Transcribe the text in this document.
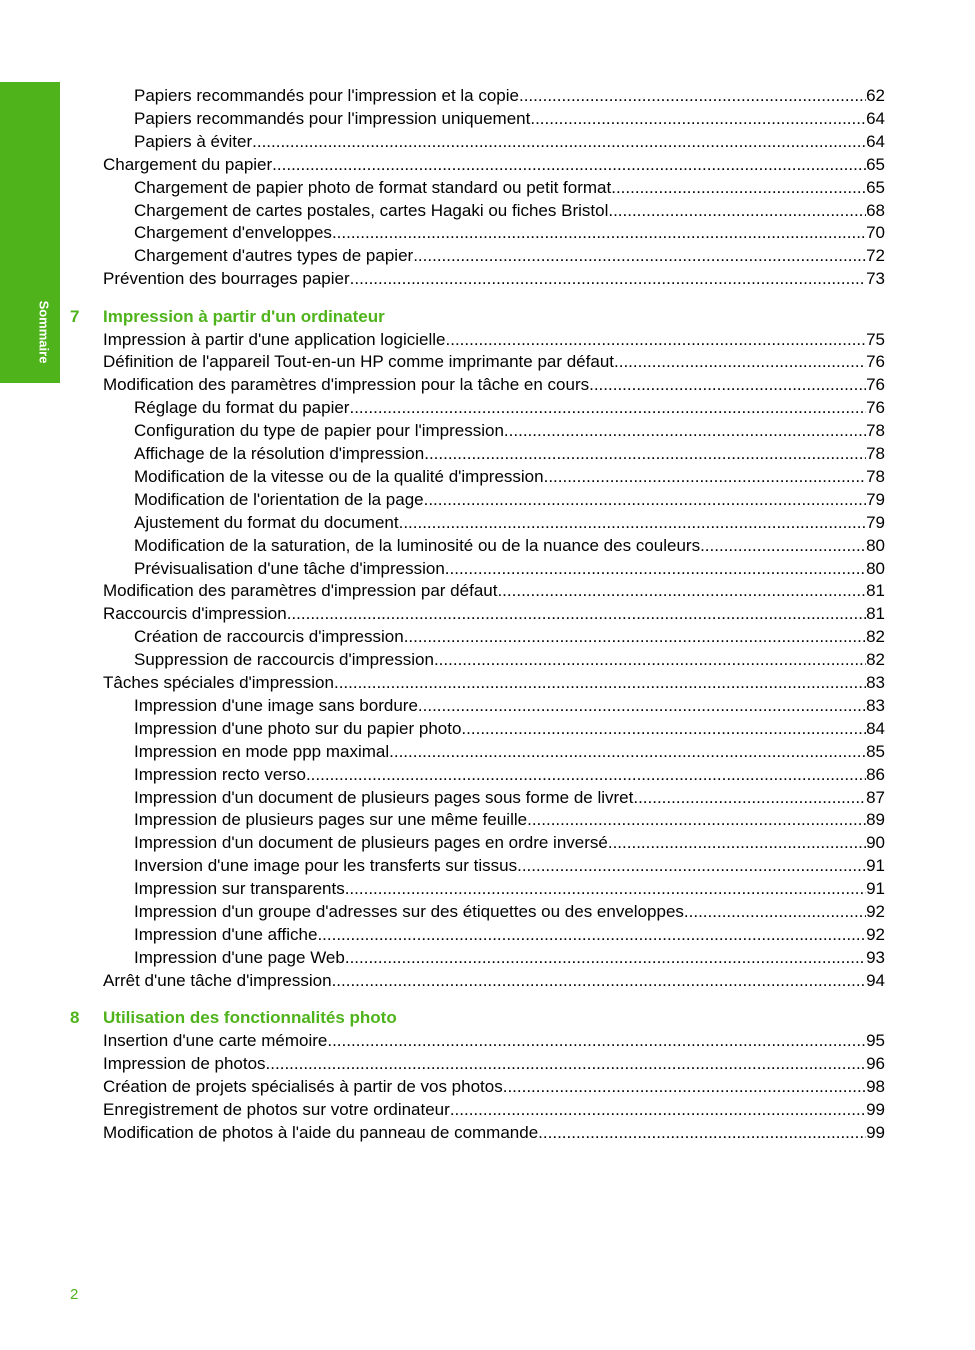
Sommaire
Papiers recommandés pour l'impression et la copie .....	62
Papiers recommandés pour l'impression uniquement .....	64
Papiers à éviter .....	64
Chargement du papier .....	65
Chargement de papier photo de format standard ou petit format .....	65
Chargement de cartes postales, cartes Hagaki ou fiches Bristol .....	68
Chargement d'enveloppes .....	70
Chargement d'autres types de papier .....	72
Prévention des bourrages papier .....	73
7 Impression à partir d'un ordinateur
Impression à partir d'une application logicielle .....	75
Définition de l'appareil Tout-en-un HP comme imprimante par défaut .....	76
Modification des paramètres d'impression pour la tâche en cours .....	76
Réglage du format du papier .....	76
Configuration du type de papier pour l'impression .....	78
Affichage de la résolution d'impression .....	78
Modification de la vitesse ou de la qualité d'impression .....	78
Modification de l'orientation de la page .....	79
Ajustement du format du document .....	79
Modification de la saturation, de la luminosité ou de la nuance des couleurs .....	80
Prévisualisation d'une tâche d'impression .....	80
Modification des paramètres d'impression par défaut .....	81
Raccourcis d'impression .....	81
Création de raccourcis d'impression .....	82
Suppression de raccourcis d'impression .....	82
Tâches spéciales d'impression .....	83
Impression d'une image sans bordure .....	83
Impression d'une photo sur du papier photo .....	84
Impression en mode ppp maximal .....	85
Impression recto verso .....	86
Impression d'un document de plusieurs pages sous forme de livret .....	87
Impression de plusieurs pages sur une même feuille .....	89
Impression d'un document de plusieurs pages en ordre inversé .....	90
Inversion d'une image pour les transferts sur tissus .....	91
Impression sur transparents .....	91
Impression d'un groupe d'adresses sur des étiquettes ou des enveloppes .....	92
Impression d'une affiche .....	92
Impression d'une page Web .....	93
Arrêt d'une tâche d'impression .....	94
8 Utilisation des fonctionnalités photo
Insertion d'une carte mémoire .....	95
Impression de photos .....	96
Création de projets spécialisés à partir de vos photos .....	98
Enregistrement de photos sur votre ordinateur .....	99
Modification de photos à l'aide du panneau de commande .....	99
2
